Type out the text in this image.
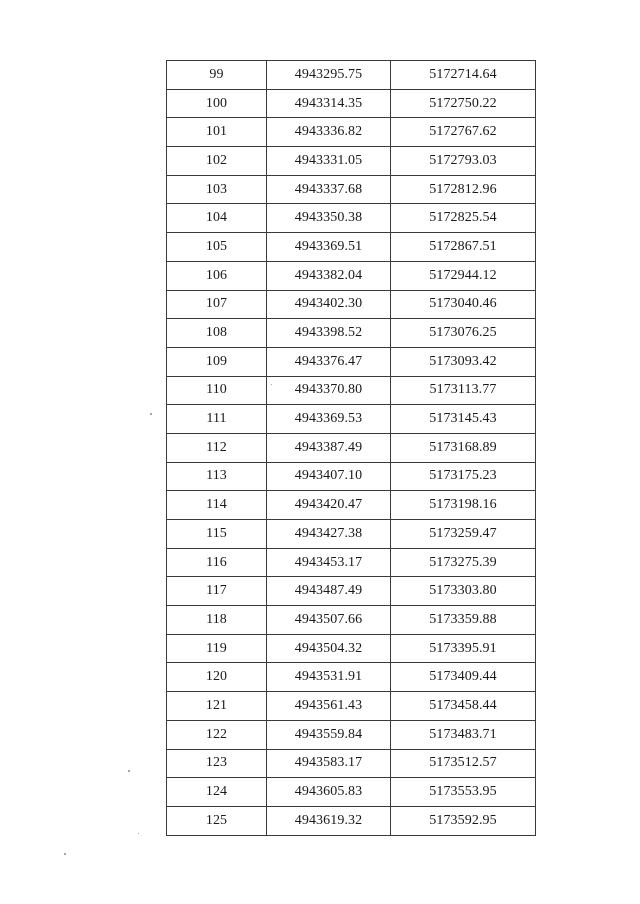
99	4943295.75	5172714.64
100	4943314.35	5172750.22
101	4943336.82	5172767.62
102	4943331.05	5172793.03
103	4943337.68	5172812.96
104	4943350.38	5172825.54
105	4943369.51	5172867.51
106	4943382.04	5172944.12
107	4943402.30	5173040.46
108	4943398.52	5173076.25
109	4943376.47	5173093.42
110	4943370.80	5173113.77
111	4943369.53	5173145.43
112	4943387.49	5173168.89
113	4943407.10	5173175.23
114	4943420.47	5173198.16
115	4943427.38	5173259.47
116	4943453.17	5173275.39
117	4943487.49	5173303.80
118	4943507.66	5173359.88
119	4943504.32	5173395.91
120	4943531.91	5173409.44
121	4943561.43	5173458.44
122	4943559.84	5173483.71
123	4943583.17	5173512.57
124	4943605.83	5173553.95
125	4943619.32	5173592.95
